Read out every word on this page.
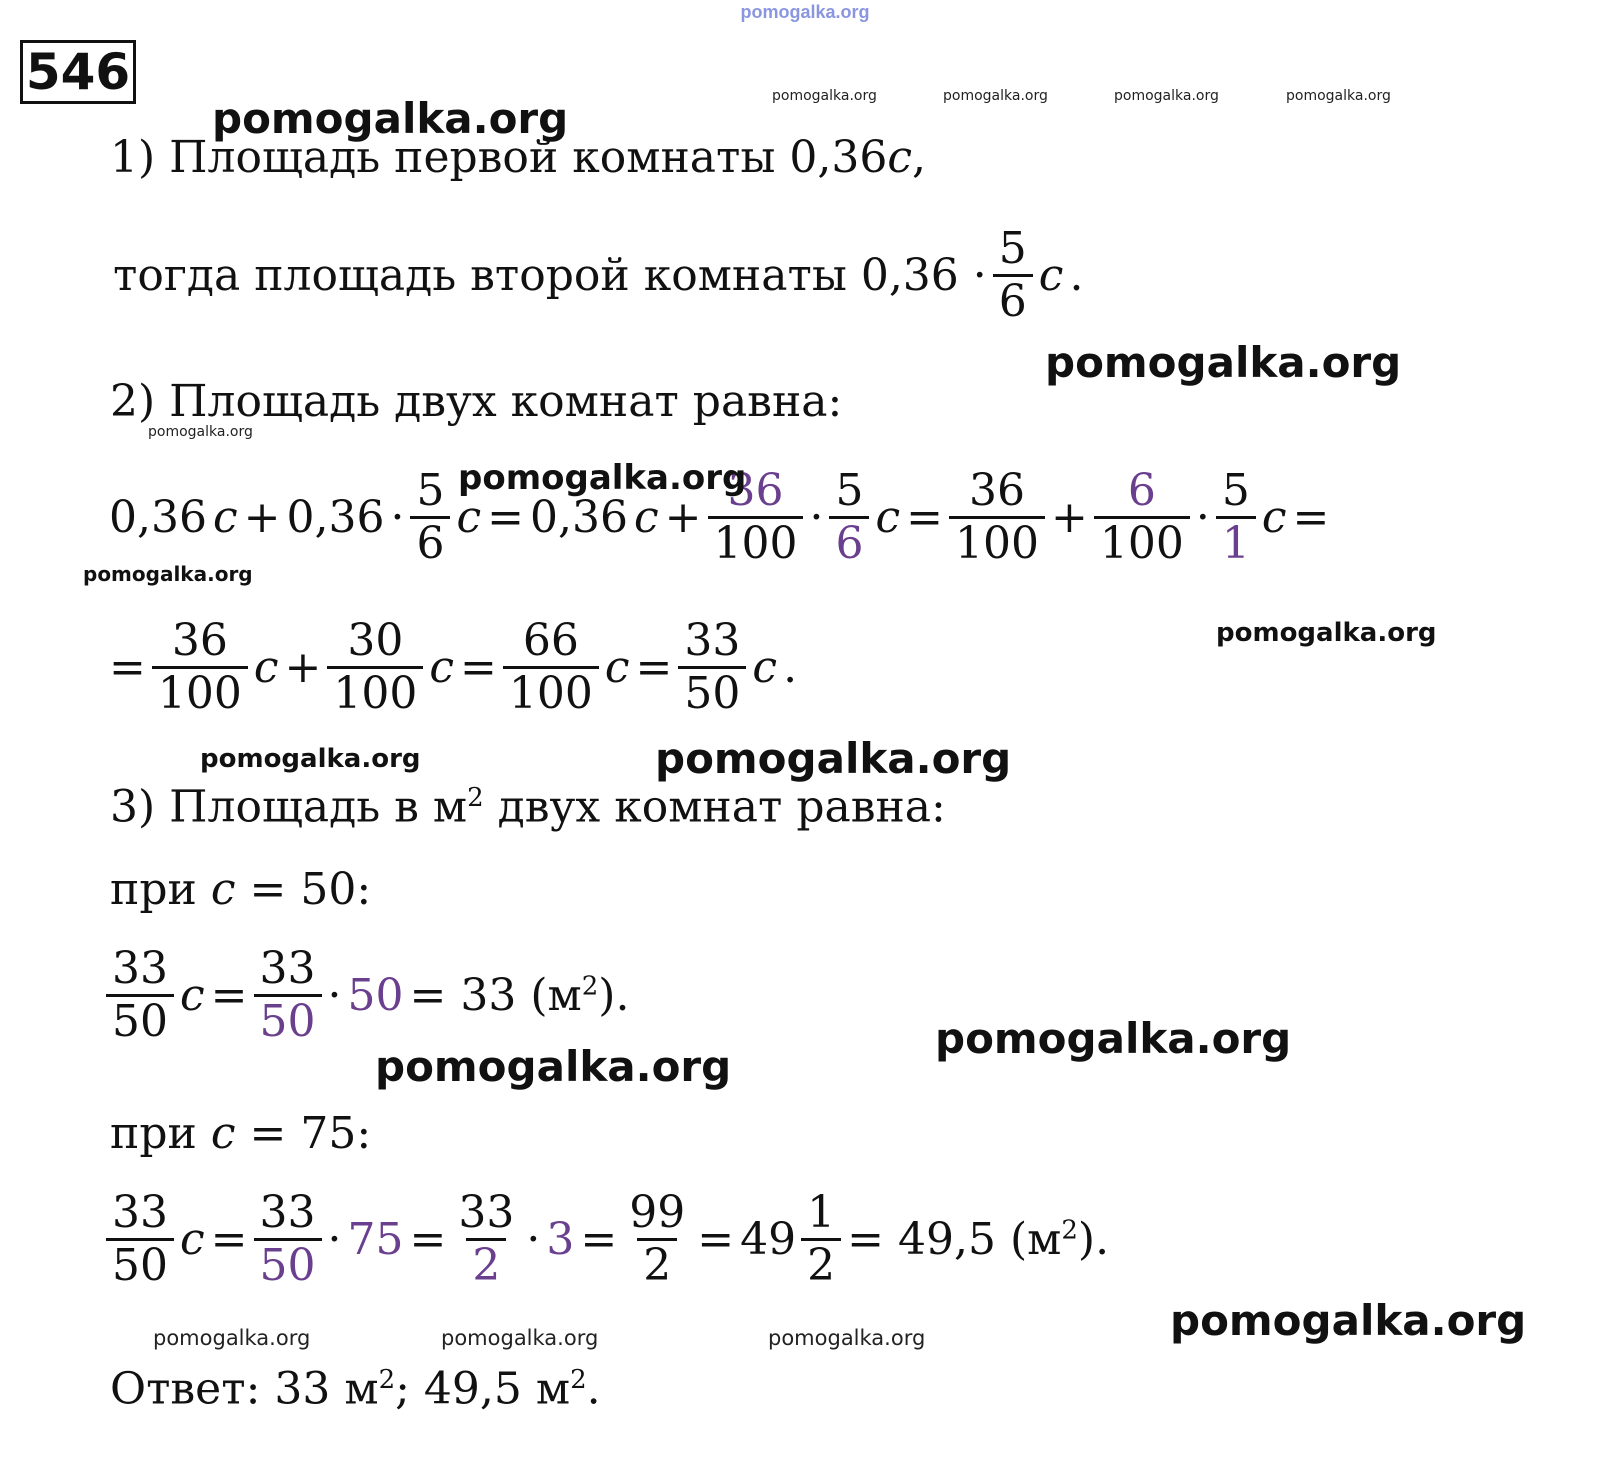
pomogalka.org
546	pomogalka.org	pomogalka.org	pomogalka.org	pomogalka.org
pomogalka.org
1) Площадь первой комнаты 0,36c,
тогда площадь второй комнаты $0,36 \cdot \frac{5}{6}$ c .
pomogalka.org
2) Площадь двух комнат равна:
pomogalka.org
0,36 $c + 0,36 \cdot \frac{5}{6}$ c = 0,36 $c + \frac{36}{100} \cdot \frac{5}{6}$ $c = \frac{36}{100} + \frac{6}{100} \cdot \frac{5}{1}$ c =
pomogalka.org
pomogalka.org
= $\frac{36}{100}$ $c + \frac{30}{100}$ $c = \frac{66}{100}$ $c = \frac{33}{50}$ c .
pomogalka.org
pomogalka.org	pomogalka.org
3) Площадь в $м^2$ двух комнат равна:
при c = 50:
$\frac{33}{50}$ $c = \frac{33}{50} \cdot 50 = 33$ $(м^2)$.
pomogalka.org
pomogalka.org
при c = 75:
$\frac{33}{50}$ $c = \frac{33}{50} \cdot 75 = \frac{33}{2} \cdot 3 = \frac{99}{2} = 49 \frac{1}{2} = 49,5$ $(м^2)$.
pomogalka.org
pomogalka.org	pomogalka.org	pomogalka.org
Ответ: 33 $м^2$; 49,5 $м^2$.
